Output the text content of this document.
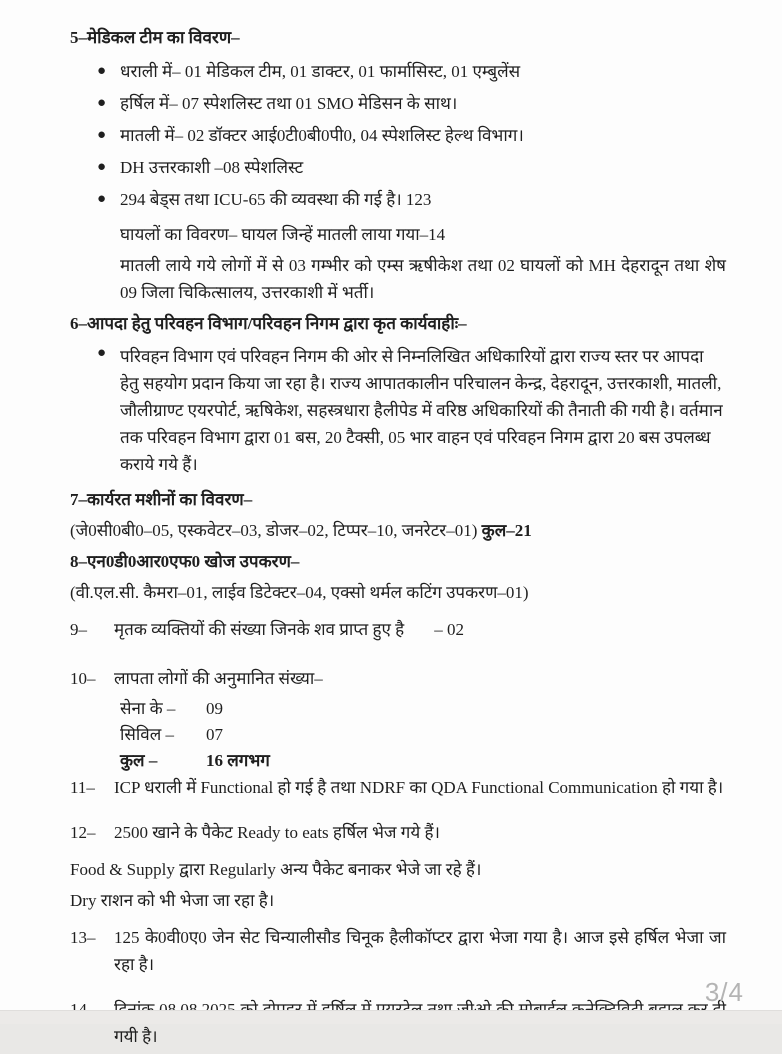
5–मेडिकल टीम का विवरण–
● धराली में– 01 मेडिकल टीम, 01 डाक्टर, 01 फार्मासिस्ट, 01 एम्बुलेंस
● हर्षिल में– 07 स्पेशलिस्ट तथा 01 SMO मेडिसन के साथ।
● मातली में– 02 डॉक्टर आई0टी0बी0पी0, 04 स्पेशलिस्ट हेल्थ विभाग।
● DH उत्तरकाशी –08 स्पेशलिस्ट
● 294 बेड्स तथा ICU-65 की व्यवस्था की गई है। 123
घायलों का विवरण– घायल जिन्हें मातली लाया गया–14
मातली लाये गये लोगों में से 03 गम्भीर को एम्स ऋषीकेश तथा 02 घायलों को MH देहरादून तथा शेष 09 जिला चिकित्सालय, उत्तरकाशी में भर्ती।
6–आपदा हेतु परिवहन विभाग/परिवहन निगम द्वारा कृत कार्यवाहीः–
● परिवहन विभाग एवं परिवहन निगम की ओर से निम्नलिखित अधिकारियों द्वारा राज्य स्तर पर आपदा हेतु सहयोग प्रदान किया जा रहा है। राज्य आपातकालीन परिचालन केन्द्र, देहरादून, उत्तरकाशी, मातली, जौलीग्राण्ट एयरपोर्ट, ऋषिकेश, सहस्त्रधारा हैलीपेड में वरिष्ठ अधिकारियों की तैनाती की गयी है। वर्तमान तक परिवहन विभाग द्वारा 01 बस, 20 टैक्सी, 05 भार वाहन एवं परिवहन निगम द्वारा 20 बस उपलब्ध कराये गये हैं।
7–कार्यरत मशीनों का विवरण–
(जे0सी0बी0–05, एस्कवेटर–03, डोजर–02, टिप्पर–10, जनरेटर–01) कुल–21
8–एन0डी0आर0एफ0 खोज उपकरण–
(वी.एल.सी. कैमरा–01, लाईव डिटेक्टर–04, एक्सो थर्मल कटिंग उपकरण–01)
9–	मृतक व्यक्तियों की संख्या जिनके शव प्राप्त हुए है – 02
10– लापता लोगों की अनुमानित संख्या–
सेना के –	09
सिविल –	07
कुल –	16 लगभग
11– ICP धराली में Functional हो गई है तथा NDRF का QDA Functional Communication हो गया है।
12– 2500 खाने के पैकेट Ready to eats हर्षिल भेज गये हैं।
Food & Supply द्वारा Regularly अन्य पैकेट बनाकर भेजे जा रहे हैं।
Dry राशन को भी भेजा जा रहा है।
13– 125 के0वी0ए0 जेन सेट चिन्यालीसौड चिनूक हैलीकॉप्टर द्वारा भेजा गया है। आज इसे हर्षिल भेजा जा रहा है।
गयी है।
3/4
